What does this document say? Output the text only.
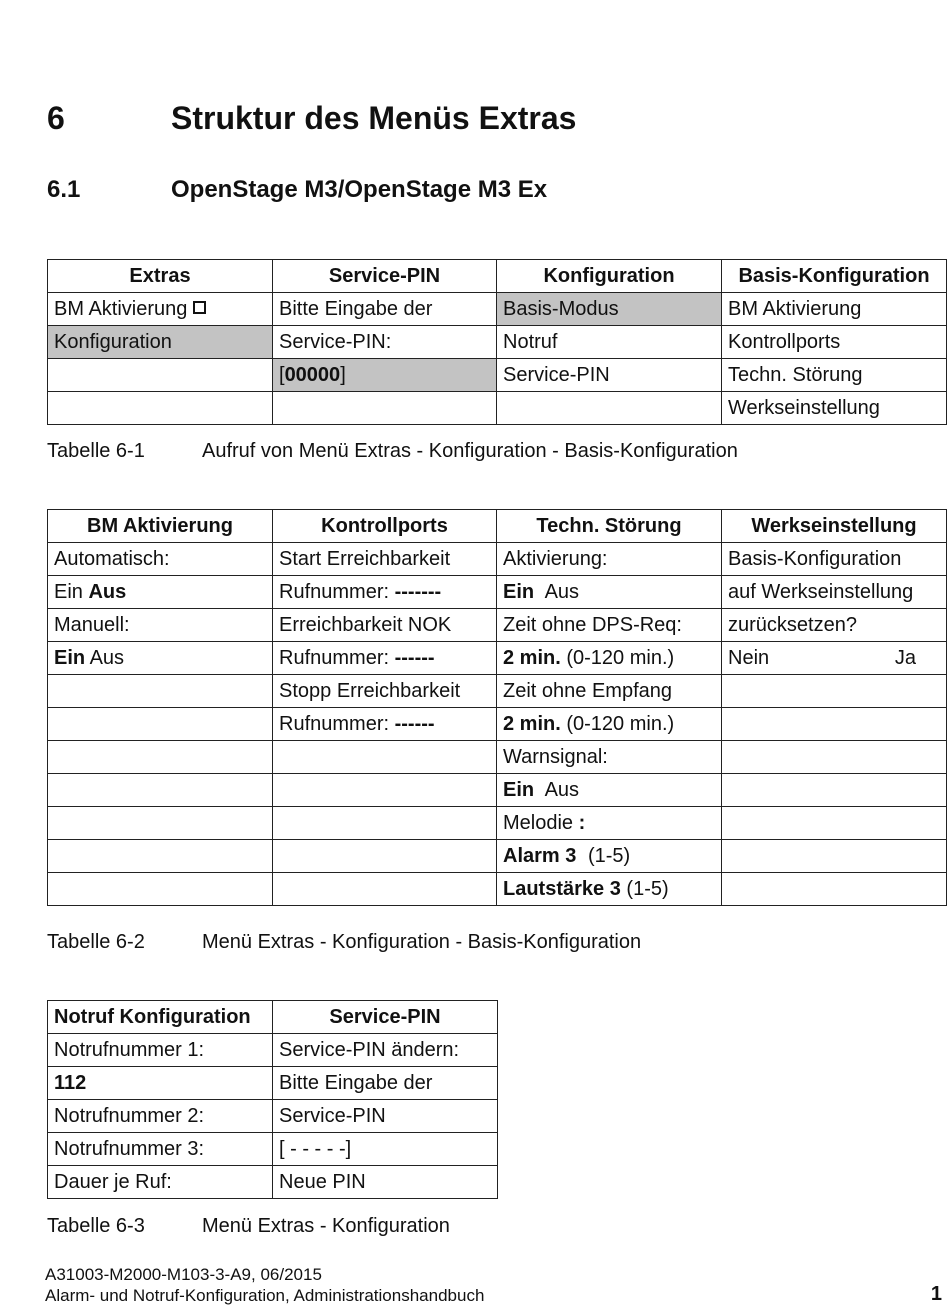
6	Struktur des Menüs Extras
6.1	OpenStage M3/OpenStage M3 Ex
Extras	Service-PIN	Konfiguration	Basis-Konfiguration
BM Aktivierung	Bitte Eingabe der	Basis-Modus	BM Aktivierung
Konfiguration	Service-PIN:	Notruf	Kontrollports
	[00000]	Service-PIN	Techn. Störung
			Werkseinstellung
Tabelle 6-1	Aufruf von Menü Extras - Konfiguration - Basis-Konfiguration
BM Aktivierung	Kontrollports	Techn. Störung	Werkseinstellung
Automatisch:	Start Erreichbarkeit	Aktivierung:	Basis-Konfiguration
Ein Aus	Rufnummer: -------	Ein Aus	auf Werkseinstellung
Manuell:	Erreichbarkeit NOK	Zeit ohne DPS-Req:	zurücksetzen?
Ein Aus	Rufnummer: ------	2 min. (0-120 min.)	Nein Ja

	Stopp Erreichbarkeit	Zeit ohne Empfang	
	Rufnummer: ------	2 min. (0-120 min.)	
		Warnsignal:	
		Ein Aus	
		Melodie :	
		Alarm 3 (1-5)	
		Lautstärke 3 (1-5)	
Tabelle 6-2	Menü Extras - Konfiguration - Basis-Konfiguration
Notruf Konfiguration	Service-PIN
Notrufnummer 1:	Service-PIN ändern:
112	Bitte Eingabe der
Notrufnummer 2:	Service-PIN
Notrufnummer 3:	[ - - - - -]
Dauer je Ruf:	Neue PIN
Tabelle 6-3	Menü Extras - Konfiguration
A31003-M2000-M103-3-A9, 06/2015
Alarm- und Notruf-Konfiguration, Administrationshandbuch	1
